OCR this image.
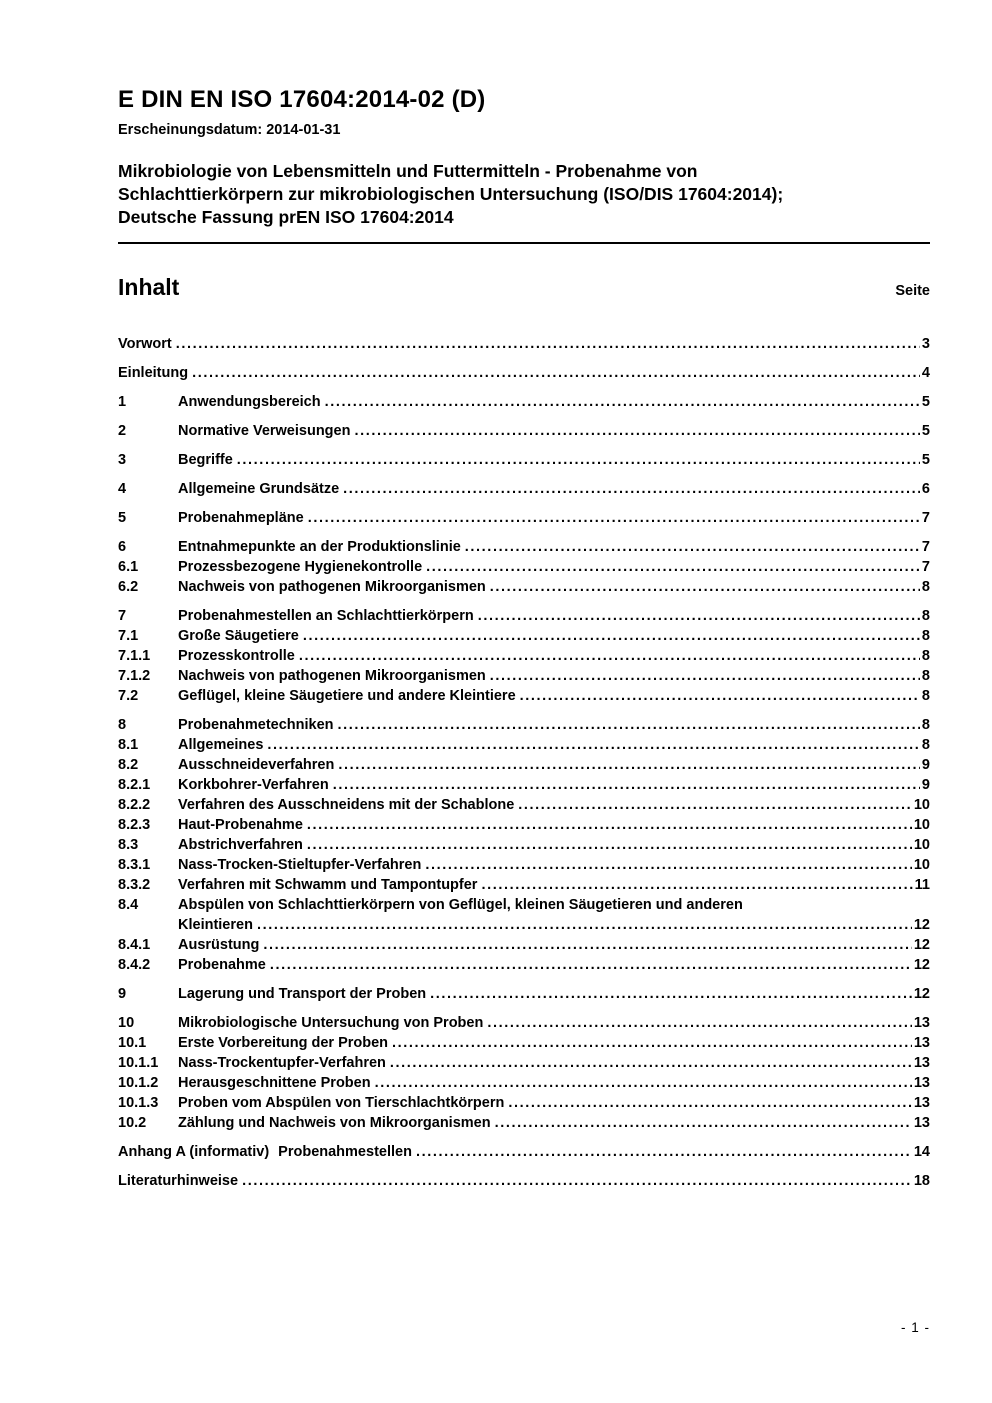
E DIN EN ISO 17604:2014-02 (D)
Erscheinungsdatum: 2014-01-31
Mikrobiologie von Lebensmitteln und Futtermitteln - Probenahme von
Schlachttierkörpern zur mikrobiologischen Untersuchung (ISO/DIS 17604:2014);
Deutsche Fassung prEN ISO 17604:2014
Inhalt	Seite
Vorwort .....	3
Einleitung .....	4
1	Anwendungsbereich .....	5
2	Normative Verweisungen .....	5
3	Begriffe .....	5
4	Allgemeine Grundsätze .....	6
5	Probenahmepläne .....	7
6	Entnahmepunkte an der Produktionslinie .....	7
6.1	Prozessbezogene Hygienekontrolle .....	7
6.2	Nachweis von pathogenen Mikroorganismen .....	8
7	Probenahmestellen an Schlachttierkörpern .....	8
7.1	Große Säugetiere .....	8
7.1.1	Prozesskontrolle .....	8
7.1.2	Nachweis von pathogenen Mikroorganismen .....	8
7.2	Geflügel, kleine Säugetiere und andere Kleintiere .....	8
8	Probenahmetechniken .....	8
8.1	Allgemeines .....	8
8.2	Ausschneideverfahren .....	9
8.2.1	Korkbohrer-Verfahren .....	9
8.2.2	Verfahren des Ausschneidens mit der Schablone .....	10
8.2.3	Haut-Probenahme .....	10
8.3	Abstrichverfahren .....	10
8.3.1	Nass-Trocken-Stieltupfer-Verfahren .....	10
8.3.2	Verfahren mit Schwamm und Tampontupfer .....	11
8.4	Abspülen von Schlachttierkörpern von Geflügel, kleinen Säugetieren und anderen
Kleintieren .....	12
8.4.1	Ausrüstung .....	12
8.4.2	Probenahme .....	12
9	Lagerung und Transport der Proben .....	12
10	Mikrobiologische Untersuchung von Proben .....	13
10.1	Erste Vorbereitung der Proben .....	13
10.1.1	Nass-Trockentupfer-Verfahren .....	13
10.1.2	Herausgeschnittene Proben .....	13
10.1.3	Proben vom Abspülen von Tierschlachtkörpern .....	13
10.2	Zählung und Nachweis von Mikroorganismen .....	13
Anhang A (informativ) Probenahmestellen .....	14
Literaturhinweise .....	18
- 1 -
